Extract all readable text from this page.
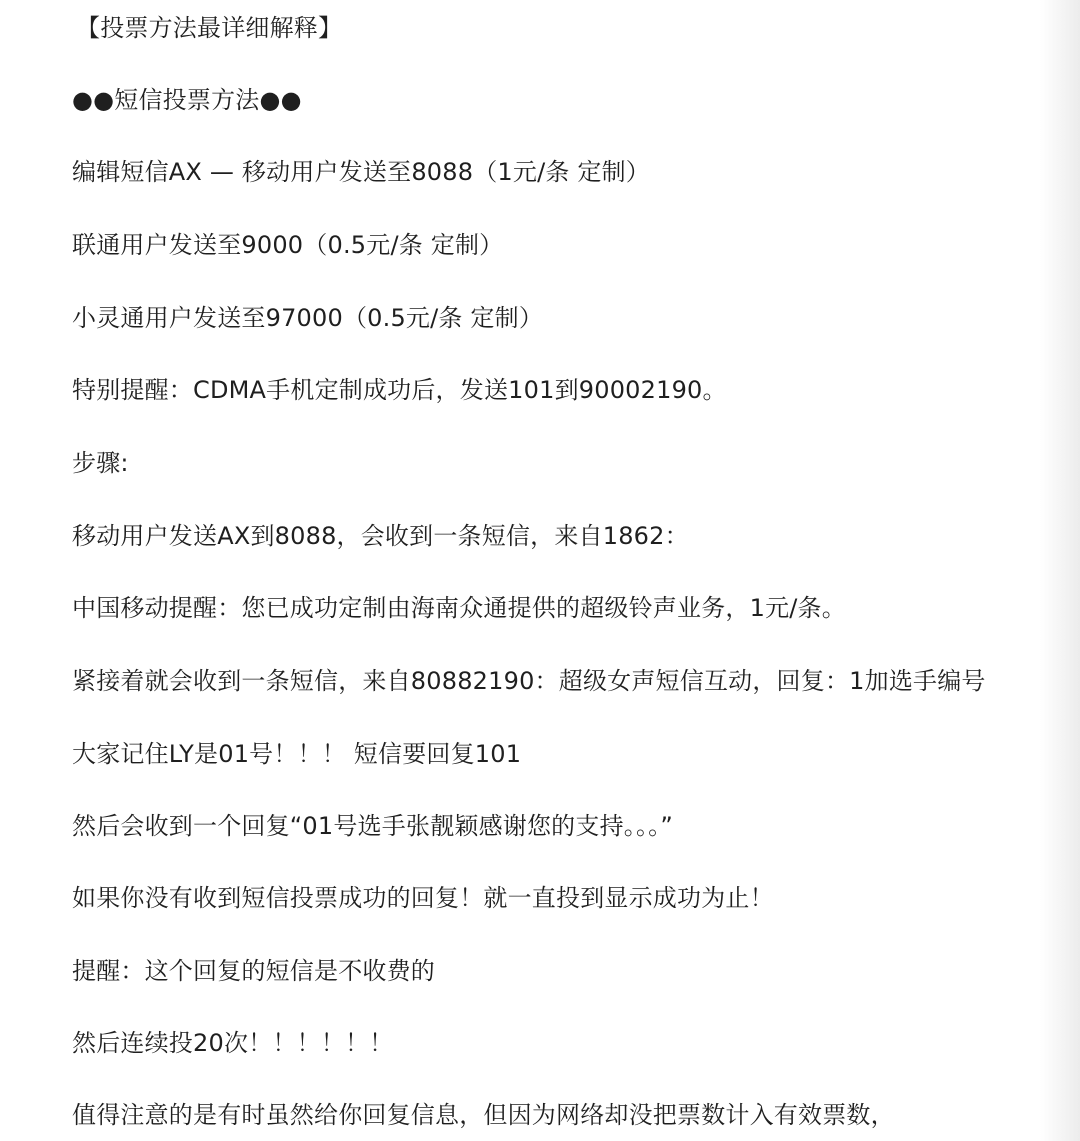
【投票方法最详细解释】
●●短信投票方法●●
编辑短信AX — 移动用户发送至8088（1元/条 定制）
联通用户发送至9000（0.5元/条 定制）
小灵通用户发送至97000（0.5元/条 定制）
特别提醒：CDMA手机定制成功后，发送101到90002190。
步骤:
移动用户发送AX到8088，会收到一条短信，来自1862：
中国移动提醒：您已成功定制由海南众通提供的超级铃声业务，1元/条。
紧接着就会收到一条短信，来自80882190：超级女声短信互动，回复：1加选手编号
大家记住LY是01号！！！ 短信要回复101
然后会收到一个回复“01号选手张靓颖感谢您的支持。。。”
如果你没有收到短信投票成功的回复！就一直投到显示成功为止！
提醒：这个回复的短信是不收费的
然后连续投20次！！！！！！
值得注意的是有时虽然给你回复信息，但因为网络却没把票数计入有效票数，
